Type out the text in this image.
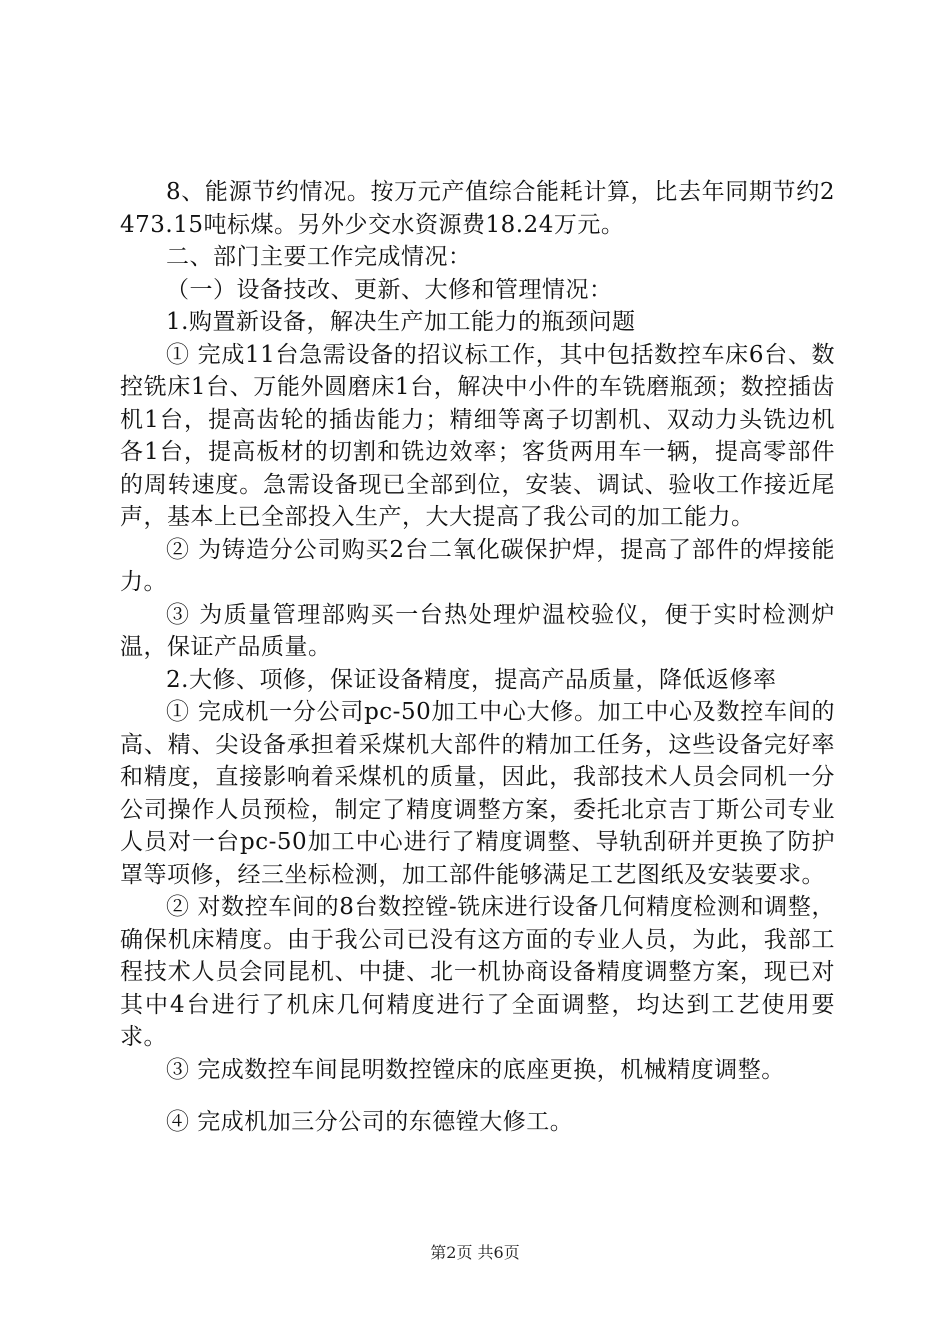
8、能源节约情况。按万元产值综合能耗计算，比去年同期节约2473.15吨标煤。另外少交水资源费18.24万元。

二、部门主要工作完成情况：

（一）设备技改、更新、大修和管理情况：

1.购置新设备，解决生产加工能力的瓶颈问题

① 完成11台急需设备的招议标工作，其中包括数控车床6台、数控铣床1台、万能外圆磨床1台，解决中小件的车铣磨瓶颈；数控插齿机1台，提高齿轮的插齿能力；精细等离子切割机、双动力头铣边机各1台，提高板材的切割和铣边效率；客货两用车一辆，提高零部件的周转速度。急需设备现已全部到位，安装、调试、验收工作接近尾声，基本上已全部投入生产，大大提高了我公司的加工能力。

② 为铸造分公司购买2台二氧化碳保护焊，提高了部件的焊接能力。

③ 为质量管理部购买一台热处理炉温校验仪，便于实时检测炉温，保证产品质量。

2.大修、项修，保证设备精度，提高产品质量，降低返修率

① 完成机一分公司pc-50加工中心大修。加工中心及数控车间的高、精、尖设备承担着采煤机大部件的精加工任务，这些设备完好率和精度，直接影响着采煤机的质量，因此，我部技术人员会同机一分公司操作人员预检，制定了精度调整方案，委托北京吉丁斯公司专业人员对一台pc-50加工中心进行了精度调整、导轨刮研并更换了防护罩等项修，经三坐标检测，加工部件能够满足工艺图纸及安装要求。

② 对数控车间的8台数控镗-铣床进行设备几何精度检测和调整，确保机床精度。由于我公司已没有这方面的专业人员，为此，我部工程技术人员会同昆机、中捷、北一机协商设备精度调整方案，现已对其中4台进行了机床几何精度进行了全面调整，均达到工艺使用要求。

③ 完成数控车间昆明数控镗床的底座更换，机械精度调整。

④ 完成机加三分公司的东德镗大修工。

第2页 共6页
